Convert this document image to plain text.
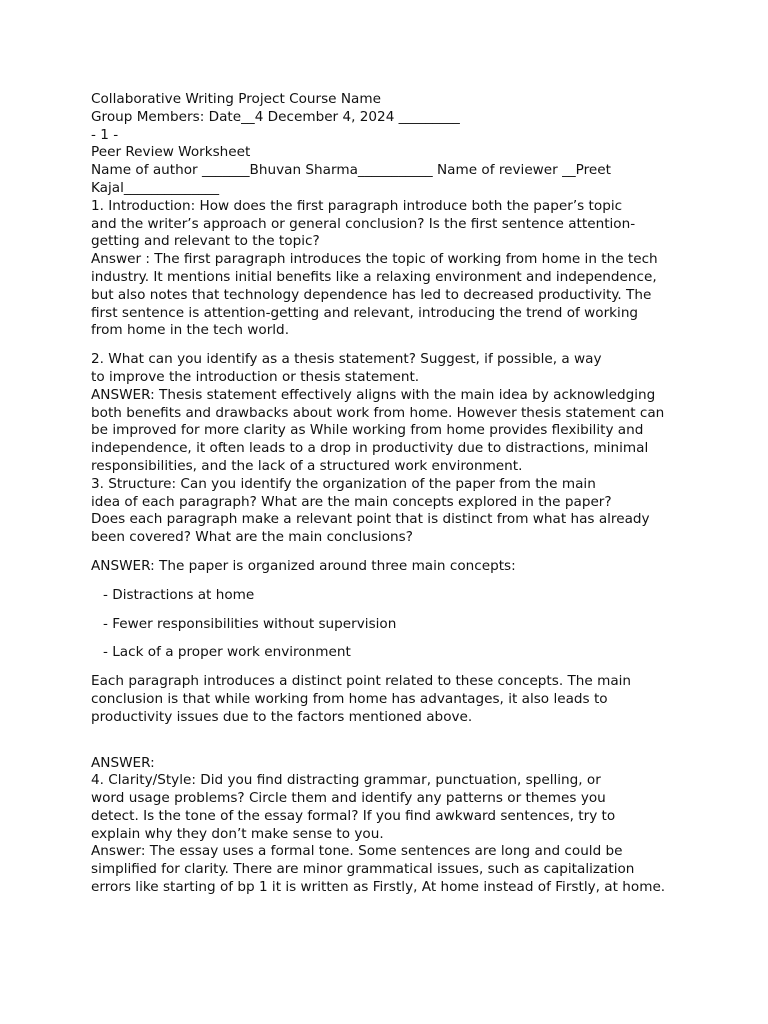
Collaborative Writing Project Course Name
Group Members: Date__4 December 4, 2024 _________
- 1 -
Peer Review Worksheet
Name of author _______Bhuvan Sharma___________ Name of reviewer __Preet
Kajal______________
1. Introduction: How does the first paragraph introduce both the paper’s topic
and the writer’s approach or general conclusion? Is the first sentence attention-
getting and relevant to the topic?
Answer : The first paragraph introduces the topic of working from home in the tech
industry. It mentions initial benefits like a relaxing environment and independence,
but also notes that technology dependence has led to decreased productivity. The
first sentence is attention-getting and relevant, introducing the trend of working
from home in the tech world.
2. What can you identify as a thesis statement? Suggest, if possible, a way
to improve the introduction or thesis statement.
ANSWER: Thesis statement effectively aligns with the main idea by acknowledging
both benefits and drawbacks about work from home. However thesis statement can
be improved for more clarity as While working from home provides flexibility and
independence, it often leads to a drop in productivity due to distractions, minimal
responsibilities, and the lack of a structured work environment.
3. Structure: Can you identify the organization of the paper from the main
idea of each paragraph? What are the main concepts explored in the paper?
Does each paragraph make a relevant point that is distinct from what has already
been covered? What are the main conclusions?
ANSWER: The paper is organized around three main concepts:
- Distractions at home
- Fewer responsibilities without supervision
- Lack of a proper work environment
Each paragraph introduces a distinct point related to these concepts. The main
conclusion is that while working from home has advantages, it also leads to
productivity issues due to the factors mentioned above.
ANSWER:
4. Clarity/Style: Did you find distracting grammar, punctuation, spelling, or
word usage problems? Circle them and identify any patterns or themes you
detect. Is the tone of the essay formal? If you find awkward sentences, try to
explain why they don’t make sense to you.
Answer: The essay uses a formal tone. Some sentences are long and could be
simplified for clarity. There are minor grammatical issues, such as capitalization
errors like starting of bp 1 it is written as Firstly, At home instead of Firstly, at home.
